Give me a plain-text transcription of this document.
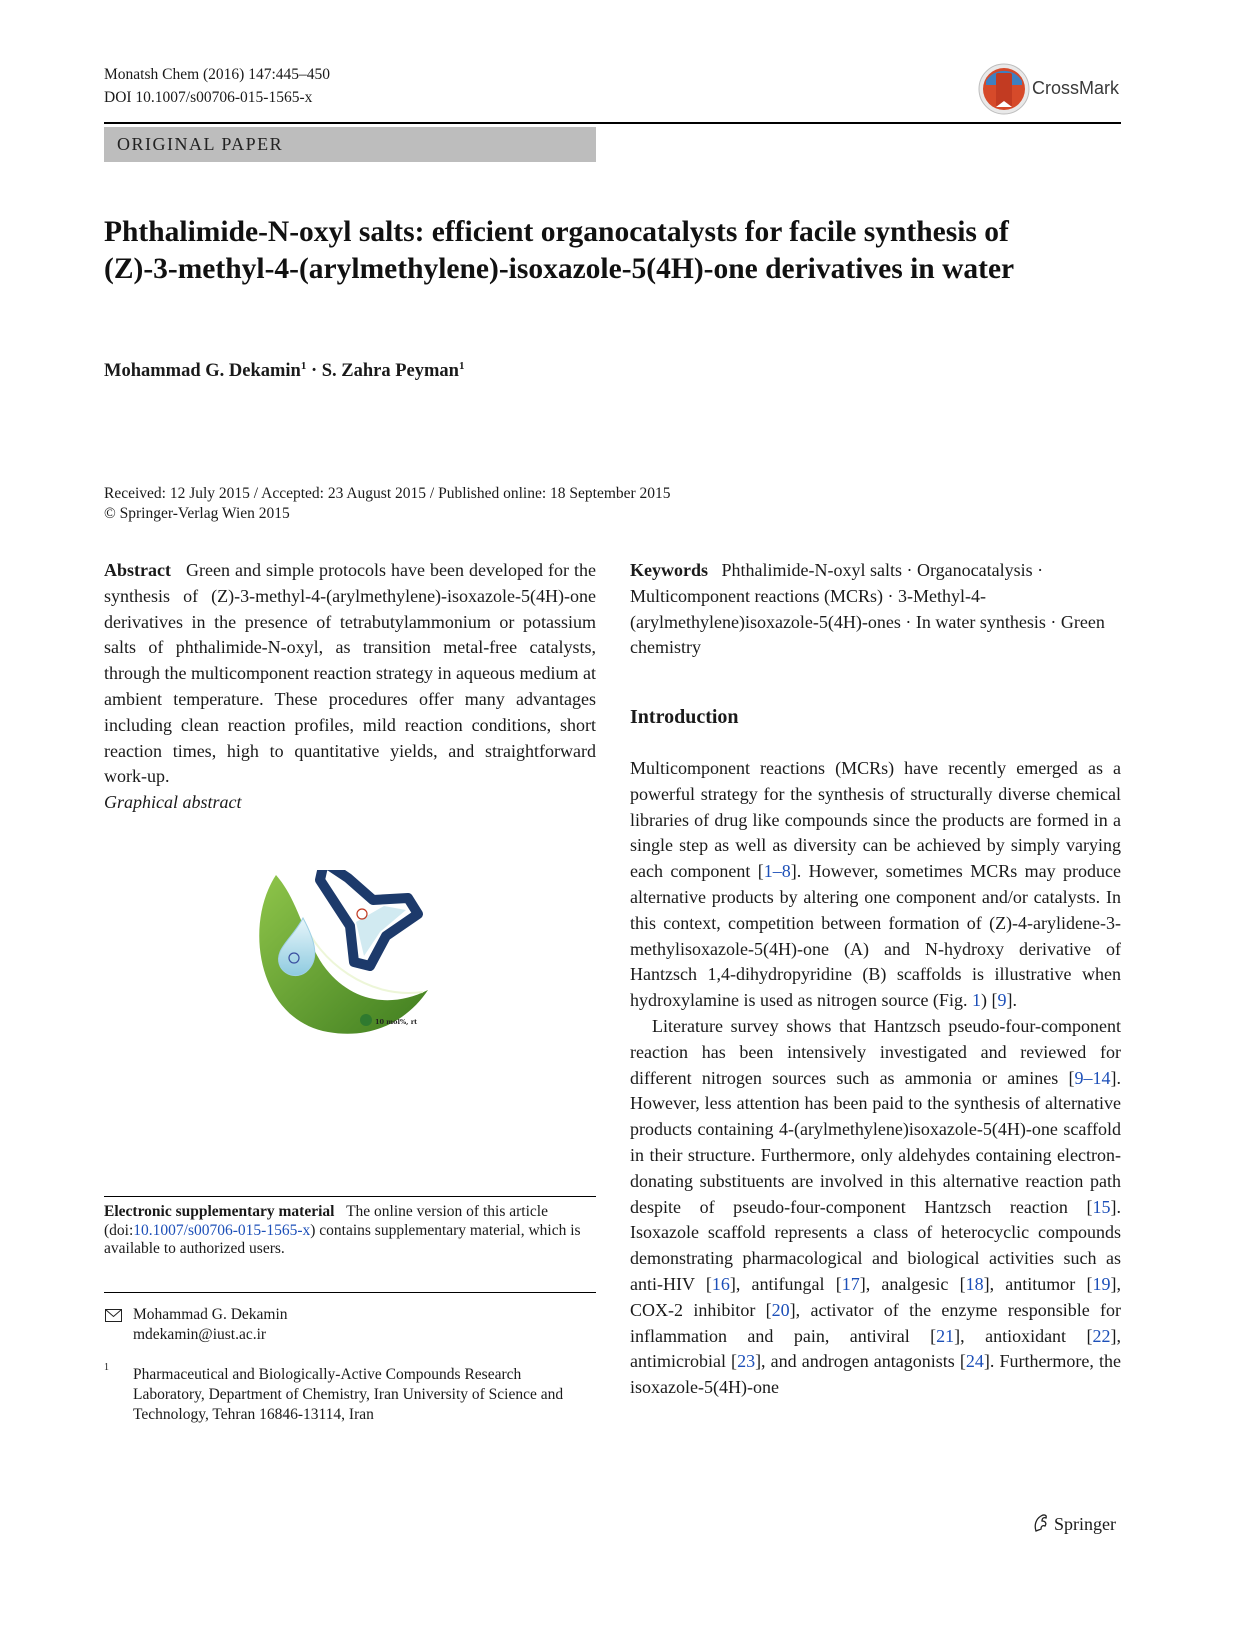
Monatsh Chem (2016) 147:445–450
DOI 10.1007/s00706-015-1565-x	CrossMark
ORIGINAL PAPER
Phthalimide-N-oxyl salts: efficient organocatalysts for facile synthesis of (Z)-3-methyl-4-(arylmethylene)-isoxazole-5(4H)-one derivatives in water
Mohammad G. Dekamin$^1$ · S. Zahra Peyman$^1$
Received: 12 July 2015 / Accepted: 23 August 2015 / Published online: 18 September 2015
© Springer-Verlag Wien 2015

Abstract Green and simple protocols have been developed for the synthesis of (Z)-3-methyl-4-(arylmethylene)-isoxazole-5(4H)-one derivatives in the presence of tetrabutylammonium or potassium salts of phthalimide-N-oxyl, as transition metal-free catalysts, through the multicomponent reaction strategy in aqueous medium at ambient temperature. These procedures offer many advantages including clean reaction profiles, mild reaction conditions, short reaction times, high to quantitative yields, and straightforward work-up.

Graphical abstract
10 mol%, rt
Electronic supplementary material The online version of this article (doi:10.1007/s00706-015-1565-x) contains supplementary material, which is available to authorized users.
Mohammad G. Dekamin
mdekamin@iust.ac.ir
1 Pharmaceutical and Biologically-Active Compounds Research Laboratory, Department of Chemistry, Iran University of Science and Technology, Tehran 16846-13114, Iran

Keywords Phthalimide-N-oxyl salts · Organocatalysis · Multicomponent reactions (MCRs) · 3-Methyl-4-(arylmethylene)isoxazole-5(4H)-ones · In water synthesis · Green chemistry

Introduction

Multicomponent reactions (MCRs) have recently emerged as a powerful strategy for the synthesis of structurally diverse chemical libraries of drug like compounds since the products are formed in a single step as well as diversity can be achieved by simply varying each component [1–8]. However, sometimes MCRs may produce alternative products by altering one component and/or catalysts. In this context, competition between formation of (Z)-4-arylidene-3-methylisoxazole-5(4H)-one (A) and N-hydroxy derivative of Hantzsch 1,4-dihydropyridine (B) scaffolds is illustrative when hydroxylamine is used as nitrogen source (Fig. 1) [9].

Literature survey shows that Hantzsch pseudo-four-component reaction has been intensively investigated and reviewed for different nitrogen sources such as ammonia or amines [9–14]. However, less attention has been paid to the synthesis of alternative products containing 4-(arylmethylene)isoxazole-5(4H)-one scaffold in their structure. Furthermore, only aldehydes containing electron-donating substituents are involved in this alternative reaction path despite of pseudo-four-component Hantzsch reaction [15]. Isoxazole scaffold represents a class of heterocyclic compounds demonstrating pharmacological and biological activities such as anti-HIV [16], antifungal [17], analgesic [18], antitumor [19], COX-2 inhibitor [20], activator of the enzyme responsible for inflammation and pain, antiviral [21], antioxidant [22], antimicrobial [23], and androgen antagonists [24]. Furthermore, the isoxazole-5(4H)-one

Springer
